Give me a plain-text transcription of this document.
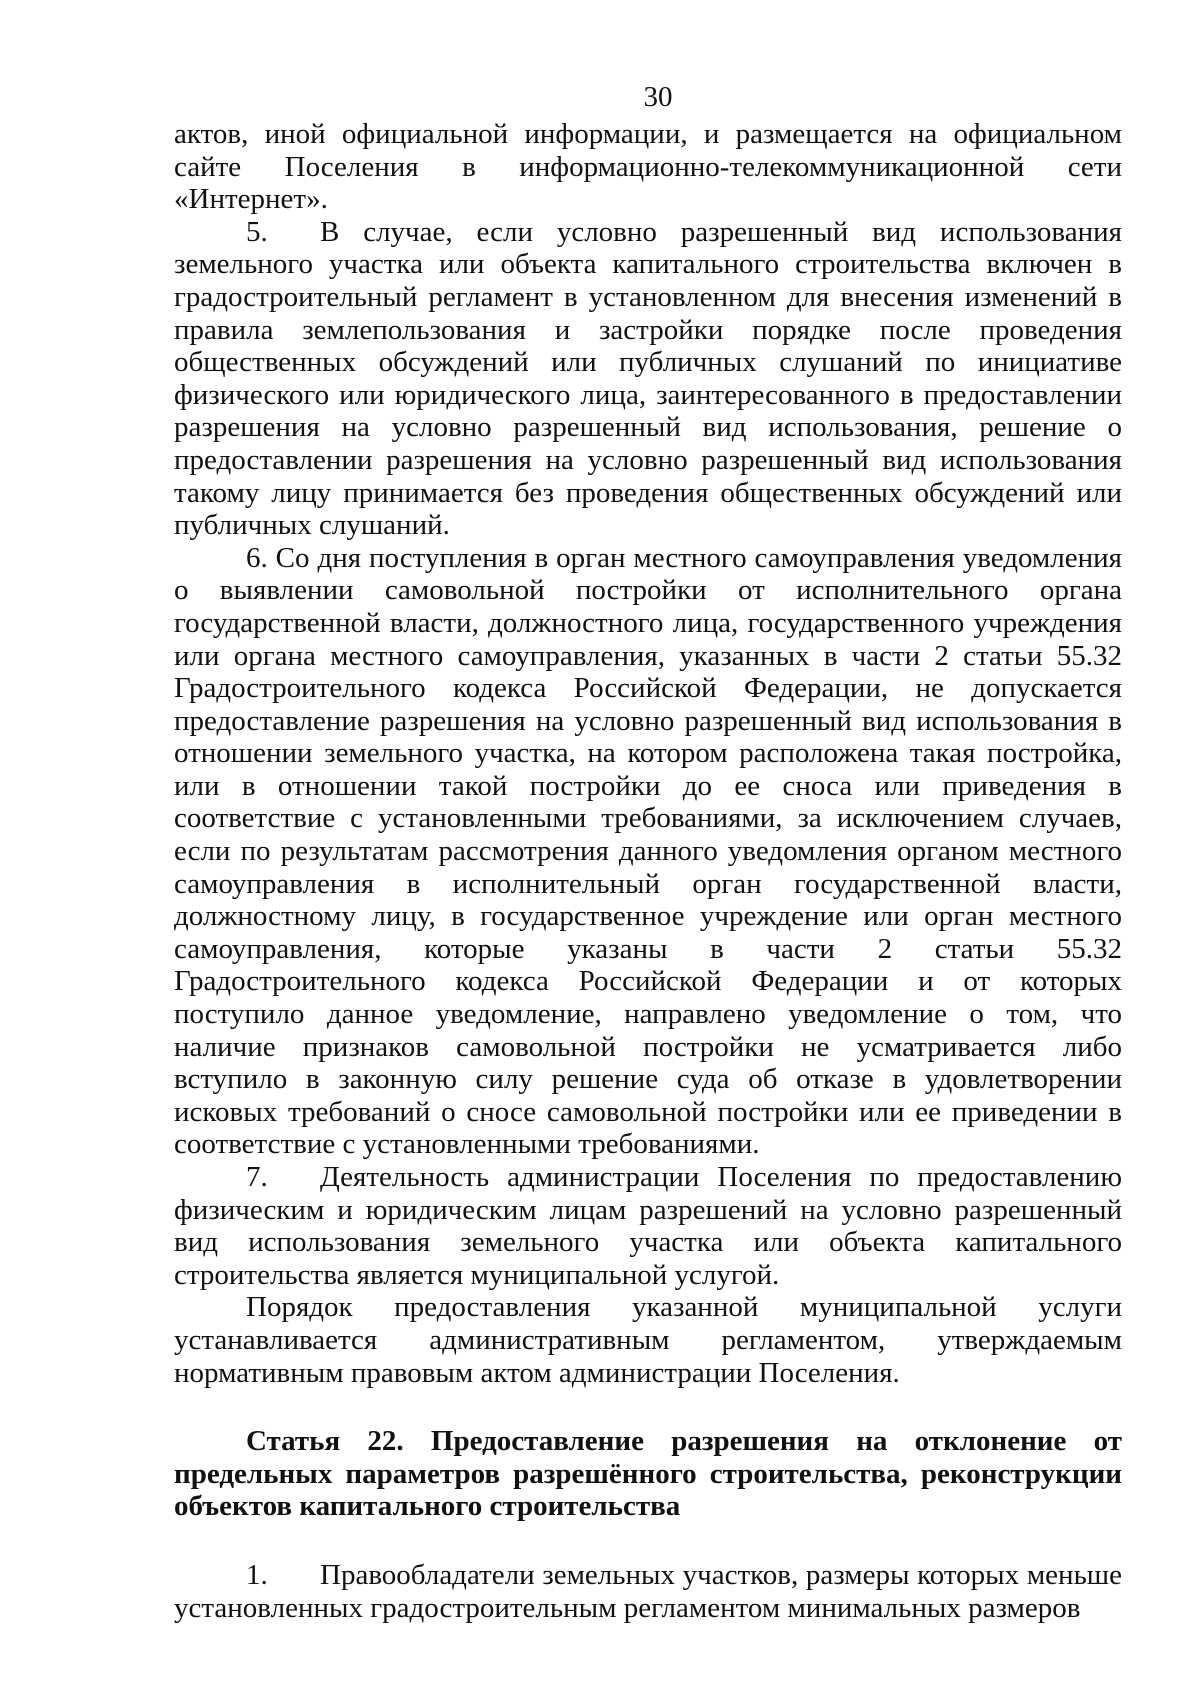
30

актов, иной официальной информации, и размещается на официальном сайте Поселения в информационно-телекоммуникационной сети «Интернет».

5. В случае, если условно разрешенный вид использования земельного участка или объекта капитального строительства включен в градостроительный регламент в установленном для внесения изменений в правила землепользования и застройки порядке после проведения общественных обсуждений или публичных слушаний по инициативе физического или юридического лица, заинтересованного в предоставлении разрешения на условно разрешенный вид использования, решение о предоставлении разрешения на условно разрешенный вид использования такому лицу принимается без проведения общественных обсуждений или публичных слушаний.

6. Со дня поступления в орган местного самоуправления уведомления о выявлении самовольной постройки от исполнительного органа государственной власти, должностного лица, государственного учреждения или органа местного самоуправления, указанных в части 2 статьи 55.32 Градостроительного кодекса Российской Федерации, не допускается предоставление разрешения на условно разрешенный вид использования в отношении земельного участка, на котором расположена такая постройка, или в отношении такой постройки до ее сноса или приведения в соответствие с установленными требованиями, за исключением случаев, если по результатам рассмотрения данного уведомления органом местного самоуправления в исполнительный орган государственной власти, должностному лицу, в государственное учреждение или орган местного самоуправления, которые указаны в части 2 статьи 55.32 Градостроительного кодекса Российской Федерации и от которых поступило данное уведомление, направлено уведомление о том, что наличие признаков самовольной постройки не усматривается либо вступило в законную силу решение суда об отказе в удовлетворении исковых требований о сносе самовольной постройки или ее приведении в соответствие с установленными требованиями.

7. Деятельность администрации Поселения по предоставлению физическим и юридическим лицам разрешений на условно разрешенный вид использования земельного участка или объекта капитального строительства является муниципальной услугой.

Порядок предоставления указанной муниципальной услуги устанавливается административным регламентом, утверждаемым нормативным правовым актом администрации Поселения.

Статья 22. Предоставление разрешения на отклонение от предельных параметров разрешённого строительства, реконструкции объектов капитального строительства

1. Правообладатели земельных участков, размеры которых меньше установленных градостроительным регламентом минимальных размеров
